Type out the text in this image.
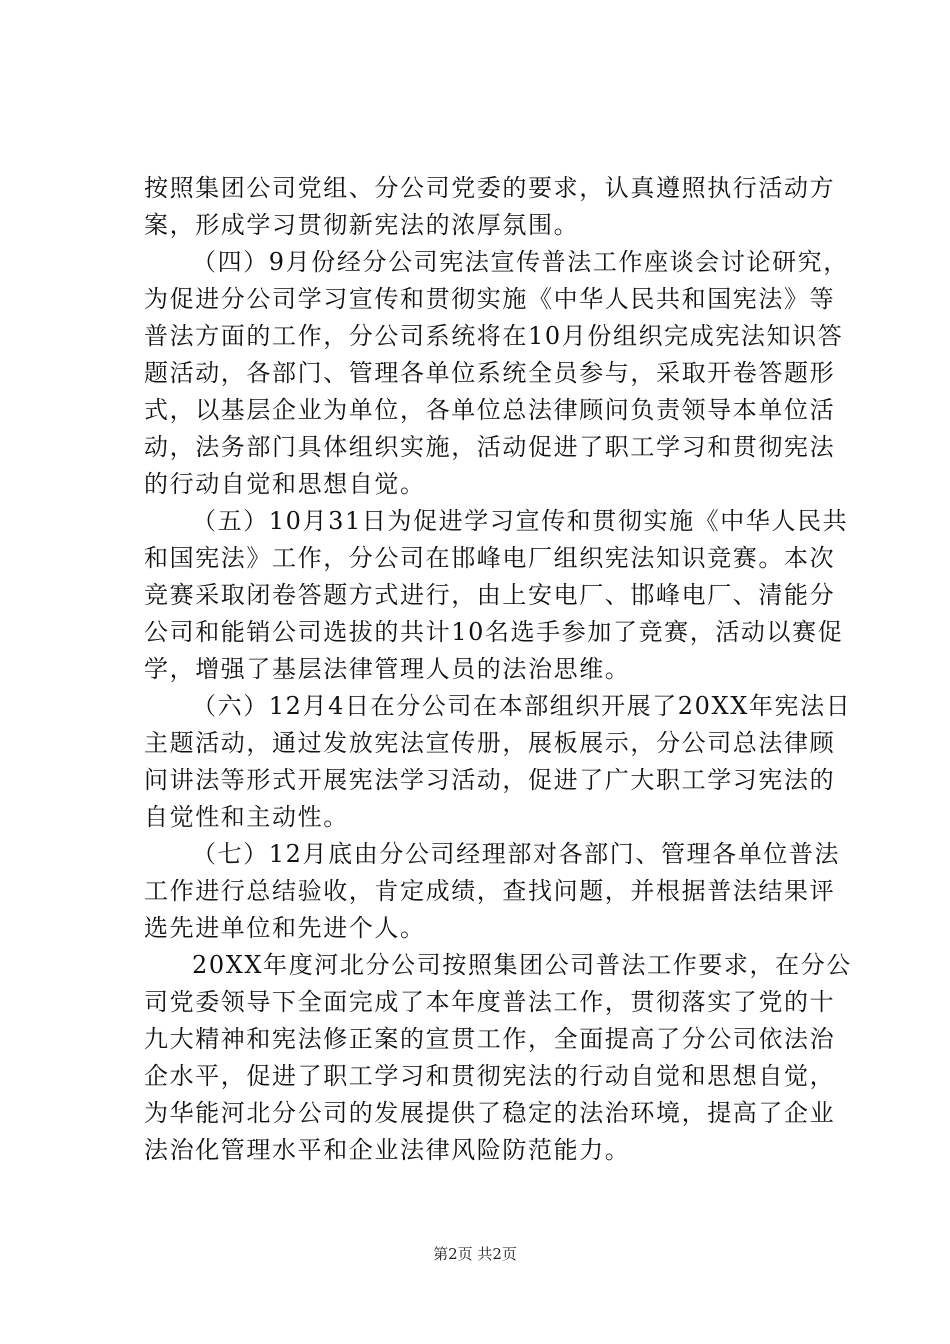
按照集团公司党组、分公司党委的要求，认真遵照执行活动方
案，形成学习贯彻新宪法的浓厚氛围。
（四）9月份经分公司宪法宣传普法工作座谈会讨论研究，
为促进分公司学习宣传和贯彻实施《中华人民共和国宪法》等
普法方面的工作，分公司系统将在10月份组织完成宪法知识答
题活动，各部门、管理各单位系统全员参与，采取开卷答题形
式，以基层企业为单位，各单位总法律顾问负责领导本单位活
动，法务部门具体组织实施，活动促进了职工学习和贯彻宪法
的行动自觉和思想自觉。
（五）10月31日为促进学习宣传和贯彻实施《中华人民共
和国宪法》工作，分公司在邯峰电厂组织宪法知识竞赛。本次
竞赛采取闭卷答题方式进行，由上安电厂、邯峰电厂、清能分
公司和能销公司选拔的共计10名选手参加了竞赛，活动以赛促
学，增强了基层法律管理人员的法治思维。
（六）12月4日在分公司在本部组织开展了20XX年宪法日
主题活动，通过发放宪法宣传册，展板展示，分公司总法律顾
问讲法等形式开展宪法学习活动，促进了广大职工学习宪法的
自觉性和主动性。
（七）12月底由分公司经理部对各部门、管理各单位普法
工作进行总结验收，肯定成绩，查找问题，并根据普法结果评
选先进单位和先进个人。
20XX年度河北分公司按照集团公司普法工作要求，在分公
司党委领导下全面完成了本年度普法工作，贯彻落实了党的十
九大精神和宪法修正案的宣贯工作，全面提高了分公司依法治
企水平，促进了职工学习和贯彻宪法的行动自觉和思想自觉，
为华能河北分公司的发展提供了稳定的法治环境，提高了企业
法治化管理水平和企业法律风险防范能力。
第2页 共2页
